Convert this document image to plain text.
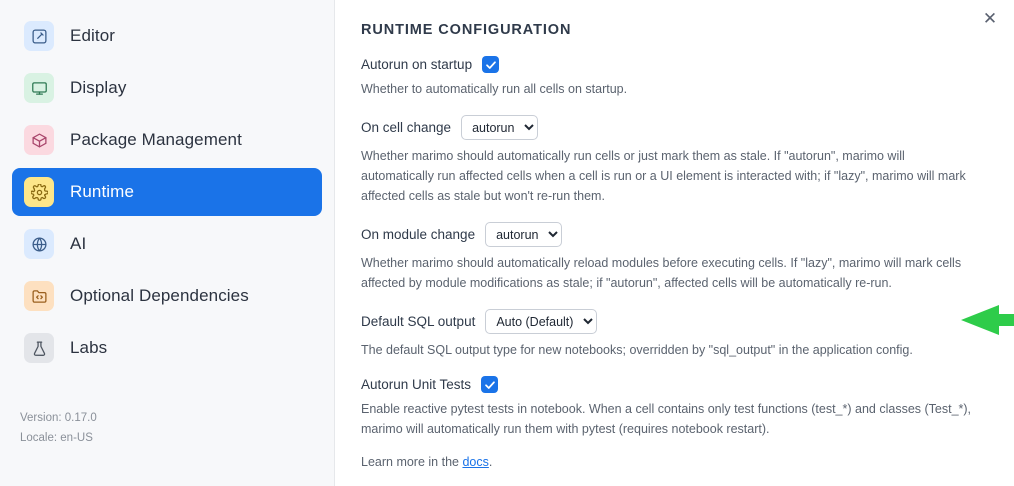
Editor
Display
Package Management
Runtime
AI
Optional Dependencies
Labs
Version: 0.17.0
Locale: en-US
✕
RUNTIME CONFIGURATION
Autorun on startup

Whether to automatically run all cells on startup.

On cell change
autorun

Whether marimo should automatically run cells or just mark them as stale. If "autorun", marimo will automatically run affected cells when a cell is run or a UI element is interacted with; if "lazy", marimo will mark affected cells as stale but won't re-run them.

On module change
autorun

Whether marimo should automatically reload modules before executing cells. If "lazy", marimo will mark cells affected by module modifications as stale; if "autorun", affected cells will be automatically re-run.

Default SQL output
Auto (Default)

The default SQL output type for new notebooks; overridden by "sql_output" in the application config.

Autorun Unit Tests

Enable reactive pytest tests in notebook. When a cell contains only test functions (test_*) and classes (Test_*), marimo will automatically run them with pytest (requires notebook restart).

Learn more in the docs.
